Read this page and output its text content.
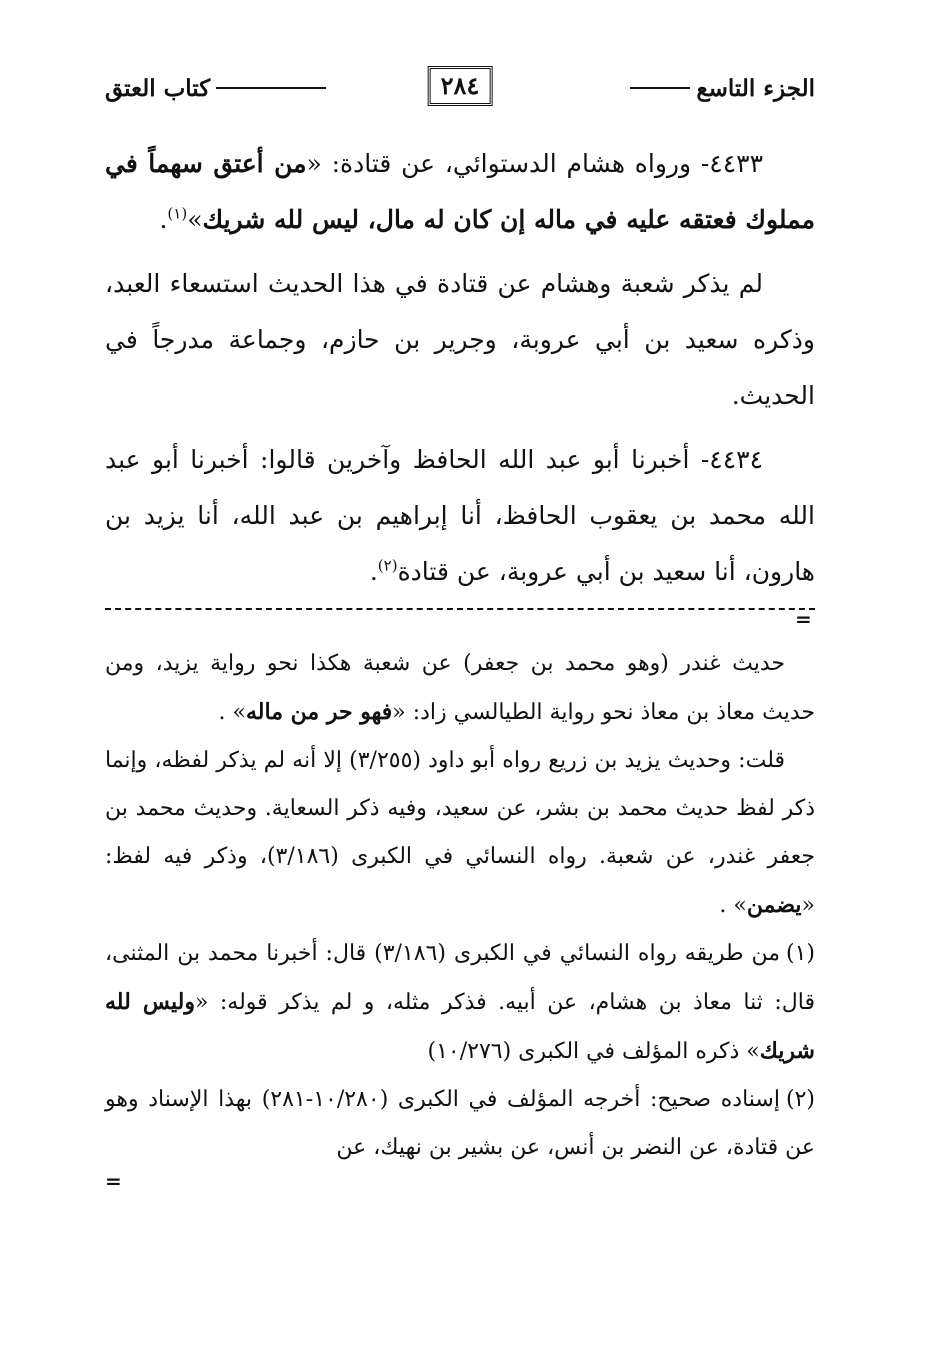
الجزء التاسع
٢٨٤
كتاب العتق

٤٤٣٣- ورواه هشام الدستوائي، عن قتادة: «من أعتق سهماً في مملوك فعتقه عليه في ماله إن كان له مال، ليس لله شريك»$^{(١)}$.

لم يذكر شعبة وهشام عن قتادة في هذا الحديث استسعاء العبد، وذكره سعيد بن أبي عروبة، وجرير بن حازم، وجماعة مدرجاً في الحديث.

٤٤٣٤- أخبرنا أبو عبد الله الحافظ وآخرين قالوا: أخبرنا أبو عبد الله محمد بن يعقوب الحافظ، أنا إبراهيم بن عبد الله، أنا يزيد بن هارون، أنا سعيد بن أبي عروبة، عن قتادة$^{(٢)}$.

=

حديث غندر (وهو محمد بن جعفر) عن شعبة هكذا نحو رواية يزيد، ومن حديث معاذ بن معاذ نحو رواية الطيالسي زاد: «فهو حر من ماله» .

قلت: وحديث يزيد بن زريع رواه أبو داود (٣/٢٥٥) إلا أنه لم يذكر لفظه، وإنما ذكر لفظ حديث محمد بن بشر، عن سعيد، وفيه ذكر السعاية. وحديث محمد بن جعفر غندر، عن شعبة. رواه النسائي في الكبرى (٣/١٨٦)، وذكر فيه لفظ: «يضمن» .

(١)من طريقه رواه النسائي في الكبرى (٣/١٨٦) قال: أخبرنا محمد بن المثنى، قال: ثنا معاذ بن هشام، عن أبيه. فذكر مثله، و لم يذكر قوله: «وليس لله شريك» ذكره المؤلف في الكبرى (١٠/٢٧٦)

(٢)إسناده صحيح: أخرجه المؤلف في الكبرى (١٠/٢٨٠-٢٨١) بهذا الإسناد وهو عن قتادة، عن النضر بن أنس، عن بشير بن نهيك، عن

=
